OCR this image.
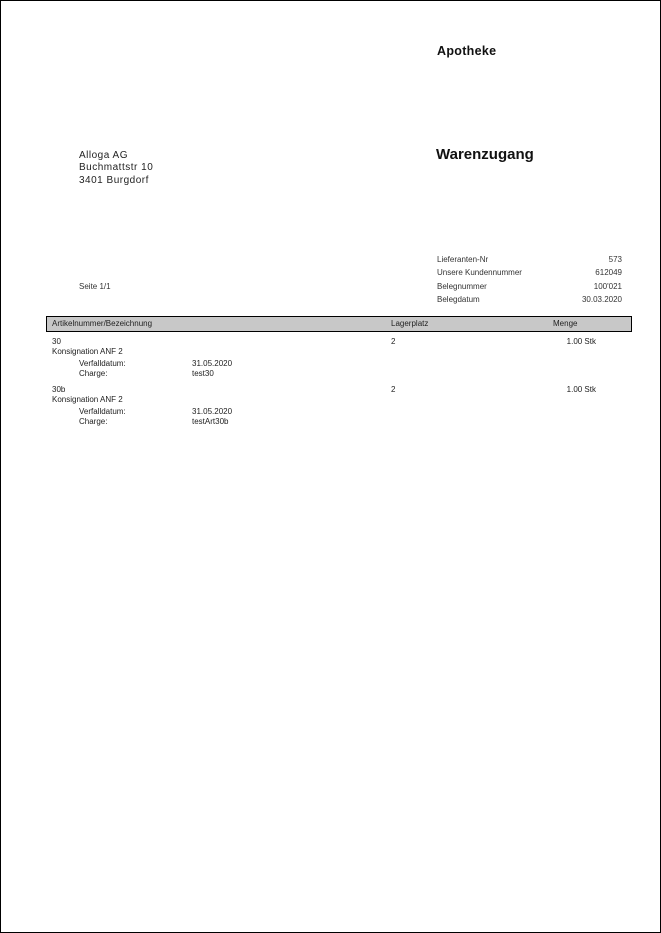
Apotheke
Warenzugang
Alloga AG
Buchmattstr 10
3401 Burgdorf
Seite 1/1
Lieferanten-Nr	573
Unsere Kundennummer	612049
Belegnummer	100'021
Belegdatum	30.03.2020
Artikelnummer/Bezeichnung	Lagerplatz	Menge
30	2	1.00 Stk
Konsignation ANF 2
Verfalldatum:	31.05.2020
Charge:	test30
30b	2	1.00 Stk
Konsignation ANF 2
Verfalldatum:	31.05.2020
Charge:	testArt30b
